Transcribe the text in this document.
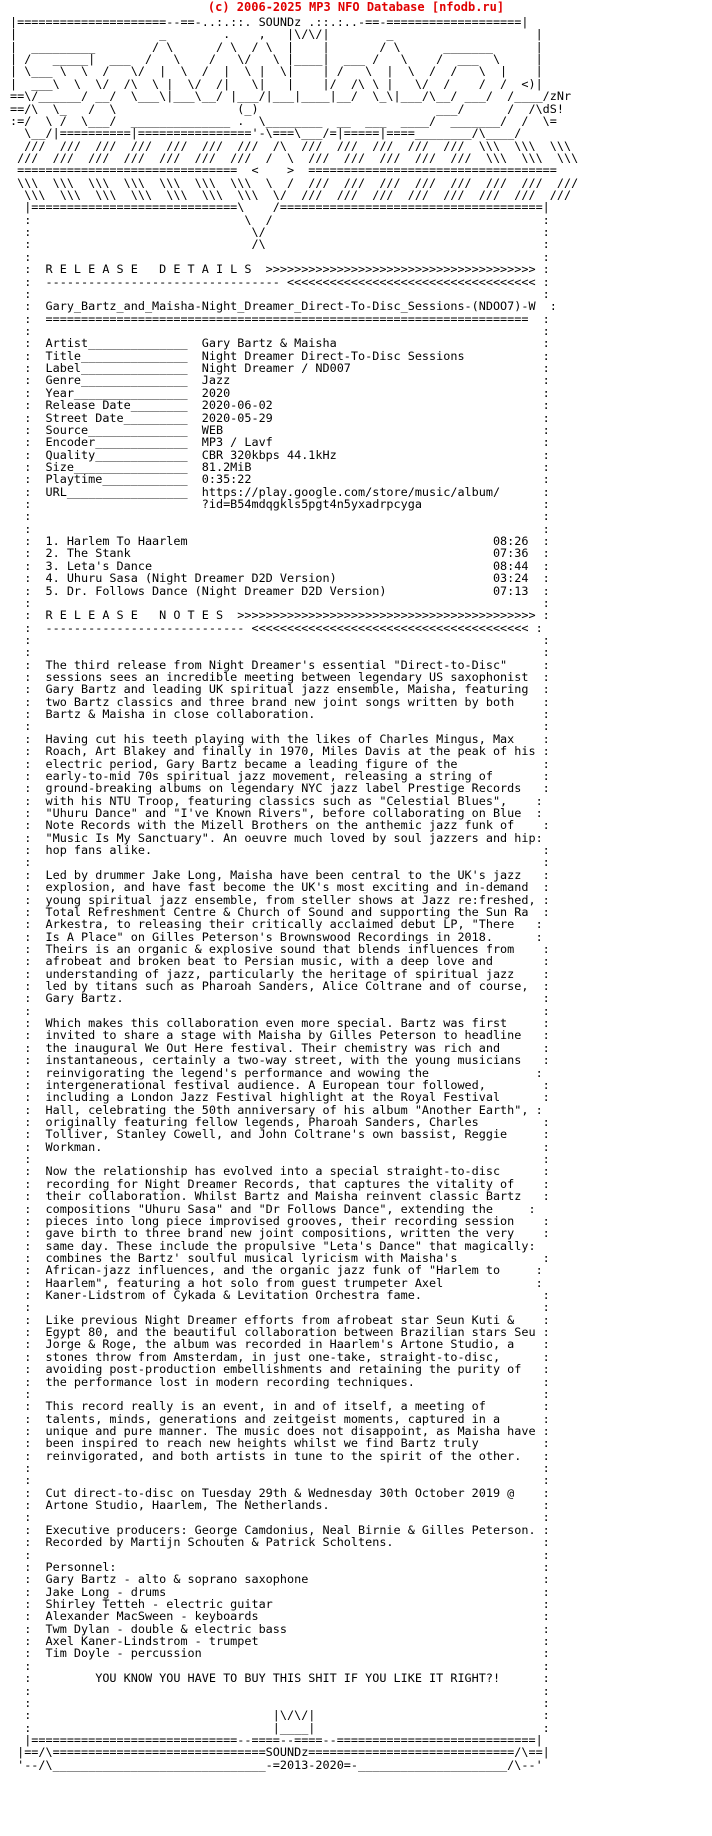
(c) 2006-2025 MP3 NFO Database [nfodb.ru]
|=====================--==-..:.::. SOUNDz .::.:..-==-===================|
|                    _        .    ,   |\/\/|        _                    |
|  _________        / \      / \  / \  |    |       / \      _______      |
| /   _____|  ___  /   \    /   \/   \ |____|  ___ /   \    /  ___  \     |
| \___ \  \  /   \/  |  \  /  |  \ |  \|    | /   \  |  \  /  /   \  |    |
|  ___\  \  \/  /\  \ |  \/  /|   \|   |    |/  /\ \ |   \/  /    /  /  <)|
==\/______/ __/  \___\|___\__/ |___/|___|____|__/  \_\|___/\__/ ___/  /____/zNr
==/\  \_   /  \                 (_)                         ___/      /  /\dS!
:=/  \ /  \___/  ______________ .  \________  __  ___  ____/  _______/  /  \=
\__/|==========|================'-\===\___/=|=====|====________/\____/
///  ///  ///  ///  ///  ///  ///  /\  ///  ///  ///  ///  ///  \\\  \\\  \\\
///  ///  ///  ///  ///  ///  ///  /  \  ///  ///  ///  ///  ///  \\\  \\\  \\\
===============================  <    >  ===================================
\\\  \\\  \\\  \\\  \\\  \\\  \\\  \  /  ///  ///  ///  ///  ///  ///  ///  ///
\\\  \\\  \\\  \\\  \\\  \\\  \\\  \/  ///  ///  ///  ///  ///  ///  ///  ///
|=============================\    /=====================================|
:                              \  /                                      :
:                               \/                                       :
:                               /\                                       :
:                                                                        :
:  R E L E A S E   D E T A I L S  >>>>>>>>>>>>>>>>>>>>>>>>>>>>>>>>>>>>>> :
:  --------------------------------- <<<<<<<<<<<<<<<<<<<<<<<<<<<<<<<<<<< :
:                                                                        :
:  Gary_Bartz_and_Maisha-Night_Dreamer_Direct-To-Disc_Sessions-(NDOO7)-W  :
:  ====================================================================  :
:                                                                        :
:  Artist______________  Gary Bartz & Maisha                             :
:  Title_______________  Night Dreamer Direct-To-Disc Sessions           :
:  Label_______________  Night Dreamer / ND007                           :
:  Genre_______________  Jazz                                            :
:  Year________________  2020                                            :
:  Release Date________  2020-06-02                                      :
:  Street Date_________  2020-05-29                                      :
:  Source______________  WEB                                             :
:  Encoder_____________  MP3 / Lavf                                      :
:  Quality_____________  CBR 320kbps 44.1kHz                             :
:  Size________________  81.2MiB                                         :
:  Playtime____________  0:35:22                                         :
:  URL_________________  https://play.google.com/store/music/album/      :
:                        ?id=B54mdqgkls5pgt4n5yxadrpcyga                 :
:                                                                        :
:                                                                        :
:  1. Harlem To Haarlem                                           08:26  :
:  2. The Stank                                                   07:36  :
:  3. Leta's Dance                                                08:44  :
:  4. Uhuru Sasa (Night Dreamer D2D Version)                      03:24  :
:  5. Dr. Follows Dance (Night Dreamer D2D Version)               07:13  :
:                                                                        :
:  R E L E A S E   N O T E S  >>>>>>>>>>>>>>>>>>>>>>>>>>>>>>>>>>>>>>>>>> :
:  ---------------------------- <<<<<<<<<<<<<<<<<<<<<<<<<<<<<<<<<<<<<<< :
:                                                                        :
:                                                                        :
:  The third release from Night Dreamer's essential "Direct-to-Disc"     :
:  sessions sees an incredible meeting between legendary US saxophonist  :
:  Gary Bartz and leading UK spiritual jazz ensemble, Maisha, featuring  :
:  two Bartz classics and three brand new joint songs written by both    :
:  Bartz & Maisha in close collaboration.                                :
:                                                                        :
:  Having cut his teeth playing with the likes of Charles Mingus, Max    :
:  Roach, Art Blakey and finally in 1970, Miles Davis at the peak of his :
:  electric period, Gary Bartz became a leading figure of the            :
:  early-to-mid 70s spiritual jazz movement, releasing a string of       :
:  ground-breaking albums on legendary NYC jazz label Prestige Records   :
:  with his NTU Troop, featuring classics such as "Celestial Blues",    :
:  "Uhuru Dance" and "I've Known Rivers", before collaborating on Blue  :
:  Note Records with the Mizell Brothers on the anthemic jazz funk of    :
:  "Music Is My Sanctuary". An oeuvre much loved by soul jazzers and hip:
:  hop fans alike.                                                       :
:                                                                        :
:  Led by drummer Jake Long, Maisha have been central to the UK's jazz   :
:  explosion, and have fast become the UK's most exciting and in-demand  :
:  young spiritual jazz ensemble, from steller shows at Jazz re:freshed, :
:  Total Refreshment Centre & Church of Sound and supporting the Sun Ra  :
:  Arkestra, to releasing their critically acclaimed debut LP, "There   :
:  Is A Place" on Gilles Peterson's Brownswood Recordings in 2018.      :
:  Theirs is an organic & explosive sound that blends influences from    :
:  afrobeat and broken beat to Persian music, with a deep love and       :
:  understanding of jazz, particularly the heritage of spiritual jazz    :
:  led by titans such as Pharoah Sanders, Alice Coltrane and of course,  :
:  Gary Bartz.                                                           :
:                                                                        :
:  Which makes this collaboration even more special. Bartz was first     :
:  invited to share a stage with Maisha by Gilles Peterson to headline   :
:  the inaugural We Out Here festival. Their chemistry was rich and      :
:  instantaneous, certainly a two-way street, with the young musicians   :
:  reinvigorating the legend's performance and wowing the               :
:  intergenerational festival audience. A European tour followed,        :
:  including a London Jazz Festival highlight at the Royal Festival      :
:  Hall, celebrating the 50th anniversary of his album "Another Earth", :
:  originally featuring fellow legends, Pharoah Sanders, Charles         :
:  Tolliver, Stanley Cowell, and John Coltrane's own bassist, Reggie     :
:  Workman.                                                              :
:                                                                        :
:  Now the relationship has evolved into a special straight-to-disc      :
:  recording for Night Dreamer Records, that captures the vitality of    :
:  their collaboration. Whilst Bartz and Maisha reinvent classic Bartz   :
:  compositions "Uhuru Sasa" and "Dr Follows Dance", extending the     :
:  pieces into long piece improvised grooves, their recording session    :
:  gave birth to three brand new joint compositions, written the very    :
:  same day. These include the propulsive "Leta's Dance" that magically:
:  combines the Bartz' soulful musical lyricism with Maisha's            :
:  African-jazz influences, and the organic jazz funk of "Harlem to     :
:  Haarlem", featuring a hot solo from guest trumpeter Axel             :
:  Kaner-Lidstrom of Cykada & Levitation Orchestra fame.                 :
:                                                                        :
:  Like previous Night Dreamer efforts from afrobeat star Seun Kuti &    :
:  Egypt 80, and the beautiful collaboration between Brazilian stars Seu :
:  Jorge & Roge, the album was recorded in Haarlem's Artone Studio, a    :
:  stones throw from Amsterdam, in just one-take, straight-to-disc,      :
:  avoiding post-production embellishments and retaining the purity of   :
:  the performance lost in modern recording techniques.                  :
:                                                                        :
:  This record really is an event, in and of itself, a meeting of        :
:  talents, minds, generations and zeitgeist moments, captured in a      :
:  unique and pure manner. The music does not disappoint, as Maisha have :
:  been inspired to reach new heights whilst we find Bartz truly         :
:  reinvigorated, and both artists in tune to the spirit of the other.   :
:                                                                        :
:                                                                        :
:  Cut direct-to-disc on Tuesday 29th & Wednesday 30th October 2019 @    :
:  Artone Studio, Haarlem, The Netherlands.                              :
:                                                                        :
:  Executive producers: George Camdonius, Neal Birnie & Gilles Peterson. :
:  Recorded by Martijn Schouten & Patrick Scholtens.                     :
:                                                                        :
:  Personnel:                                                            :
:  Gary Bartz - alto & soprano saxophone                                 :
:  Jake Long - drums                                                     :
:  Shirley Tetteh - electric guitar                                      :
:  Alexander MacSween - keyboards                                        :
:  Twm Dylan - double & electric bass                                    :
:  Axel Kaner-Lindstrom - trumpet                                        :
:  Tim Doyle - percussion                                                :
:                                                                        :
:         YOU KNOW YOU HAVE TO BUY THIS SHIT IF YOU LIKE IT RIGHT?!      :
:                                                                        :
:                                                                        :
:                                  |\/\/|                                :
:                                  |____|                                :
|=============================--====--====--============================|
|==/\==============================SOUNDz=============================/\==|
'--/\______________________________-=2013-2020=-_____________________/\--'
